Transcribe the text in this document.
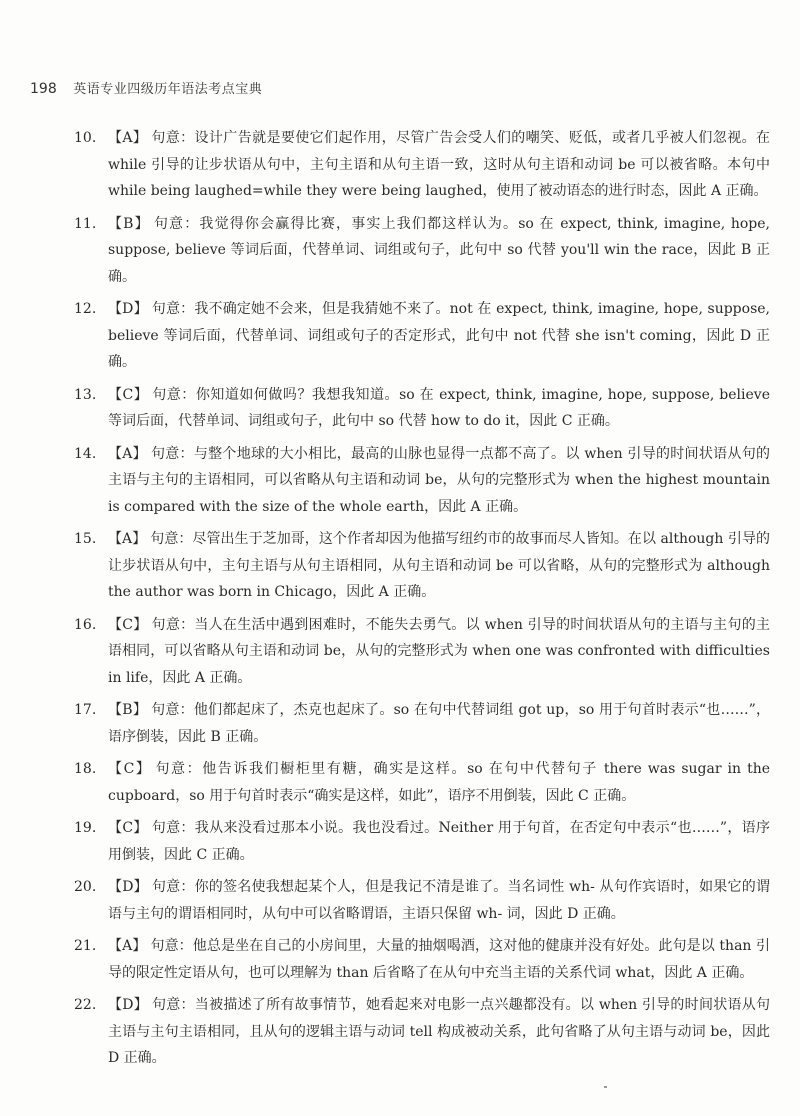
198 英语专业四级历年语法考点宝典
10. 【A】 句意：设计广告就是要使它们起作用，尽管广告会受人们的嘲笑、贬低，或者几乎被人们忽视。在 while 引导的让步状语从句中，主句主语和从句主语一致，这时从句主语和动词 be 可以被省略。本句中 while being laughed=while they were being laughed，使用了被动语态的进行时态，因此 A 正确。
11. 【B】 句意：我觉得你会赢得比赛，事实上我们都这样认为。so 在 expect, think, imagine, hope, suppose, believe 等词后面，代替单词、词组或句子，此句中 so 代替 you'll win the race，因此 B 正确。
12. 【D】 句意：我不确定她不会来，但是我猜她不来了。not 在 expect, think, imagine, hope, suppose, believe 等词后面，代替单词、词组或句子的否定形式，此句中 not 代替 she isn't coming，因此 D 正确。
13. 【C】 句意：你知道如何做吗？我想我知道。so 在 expect, think, imagine, hope, suppose, believe 等词后面，代替单词、词组或句子，此句中 so 代替 how to do it，因此 C 正确。
14. 【A】 句意：与整个地球的大小相比，最高的山脉也显得一点都不高了。以 when 引导的时间状语从句的主语与主句的主语相同，可以省略从句主语和动词 be，从句的完整形式为 when the highest mountain is compared with the size of the whole earth，因此 A 正确。
15. 【A】 句意：尽管出生于芝加哥，这个作者却因为他描写纽约市的故事而尽人皆知。在以 although 引导的让步状语从句中，主句主语与从句主语相同，从句主语和动词 be 可以省略，从句的完整形式为 although the author was born in Chicago，因此 A 正确。
16. 【C】 句意：当人在生活中遇到困难时，不能失去勇气。以 when 引导的时间状语从句的主语与主句的主语相同，可以省略从句主语和动词 be，从句的完整形式为 when one was confronted with difficulties in life，因此 A 正确。
17. 【B】 句意：他们都起床了，杰克也起床了。so 在句中代替词组 got up，so 用于句首时表示“也……”，语序倒装，因此 B 正确。
18. 【C】 句意：他告诉我们橱柜里有糖，确实是这样。so 在句中代替句子 there was sugar in the cupboard，so 用于句首时表示“确实是这样，如此”，语序不用倒装，因此 C 正确。
19. 【C】 句意：我从来没看过那本小说。我也没看过。Neither 用于句首，在否定句中表示“也……”，语序用倒装，因此 C 正确。
20. 【D】 句意：你的签名使我想起某个人，但是我记不清是谁了。当名词性 wh- 从句作宾语时，如果它的谓语与主句的谓语相同时，从句中可以省略谓语，主语只保留 wh- 词，因此 D 正确。
21. 【A】 句意：他总是坐在自己的小房间里，大量的抽烟喝酒，这对他的健康并没有好处。此句是以 than 引导的限定性定语从句，也可以理解为 than 后省略了在从句中充当主语的关系代词 what，因此 A 正确。
22. 【D】 句意：当被描述了所有故事情节，她看起来对电影一点兴趣都没有。以 when 引导的时间状语从句主语与主句主语相同，且从句的逻辑主语与动词 tell 构成被动关系，此句省略了从句主语与动词 be，因此 D 正确。
